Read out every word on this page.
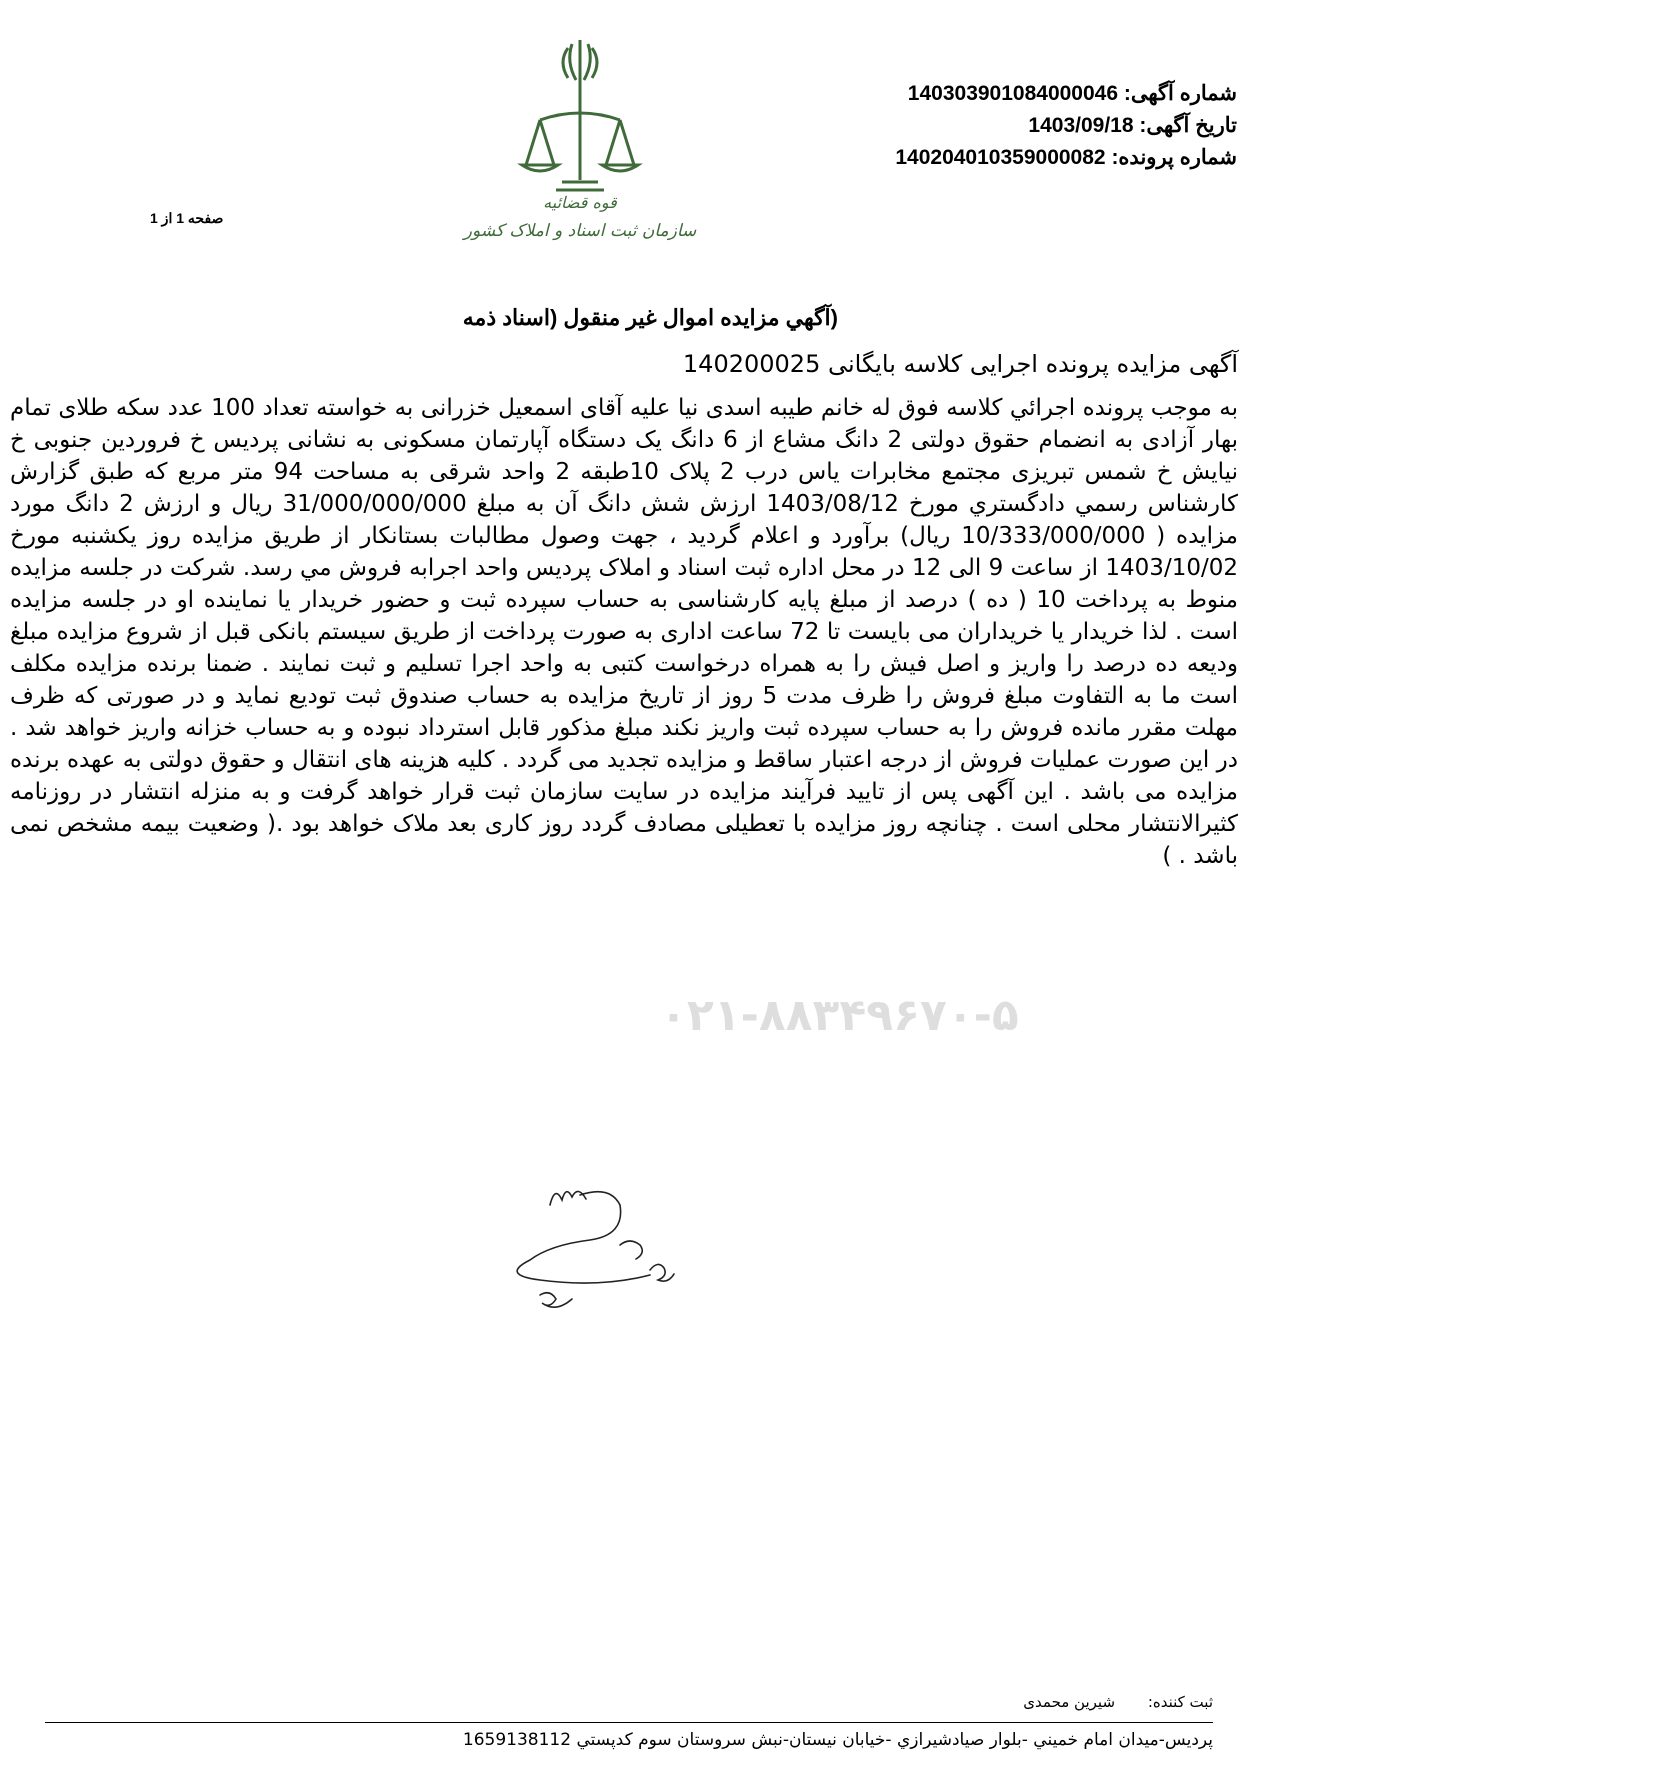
شماره آگهی: 140303901084000046
تاریخ آگهی: 1403/09/18
شماره پرونده: 140204010359000082
قوه قضائیه
سازمان ثبت اسناد و املاک کشور
صفحه 1 از 1
(آگهي مزايده اموال غير منقول (اسناد ذمه
آگهی مزایده پرونده اجرایی کلاسه بایگانی 140200025
به موجب پرونده اجرائي كلاسه فوق له خانم طیبه اسدی نیا علیه آقای اسمعیل خزرانی به خواسته تعداد 100 عدد سکه طلای تمام بهار آزادی به انضمام حقوق دولتی 2 دانگ مشاع از 6 دانگ یک دستگاه آپارتمان مسکونی به نشانی پردیس خ فروردین جنوبی خ نیایش خ شمس تبریزی مجتمع مخابرات یاس درب 2 پلاک 10طبقه 2 واحد شرقی به مساحت 94 متر مربع که طبق گزارش کارشناس رسمي دادگستري مورخ 1403/08/12 ارزش شش دانگ آن به مبلغ 31/000/000/000 ریال و ارزش 2 دانگ مورد مزایده ( 10/333/000/000 ریال) برآورد و اعلام گردید ، جهت وصول مطالبات بستانکار از طریق مزایده روز یکشنبه مورخ 1403/10/02 از ساعت 9 الی 12 در محل اداره ثبت اسناد و املاک پردیس واحد اجرابه فروش مي رسد. شرکت در جلسه مزایده منوط به پرداخت 10 ( ده ) درصد از مبلغ پایه کارشناسی به حساب سپرده ثبت و حضور خریدار یا نماینده او در جلسه مزایده است . لذا خریدار یا خریداران می بایست تا 72 ساعت اداری به صورت پرداخت از طریق سیستم بانکی قبل از شروع مزایده مبلغ ودیعه ده درصد را واریز و اصل فیش را به همراه درخواست کتبی به واحد اجرا تسلیم و ثبت نمایند . ضمنا برنده مزایده مکلف است ما به التفاوت مبلغ فروش را ظرف مدت 5 روز از تاریخ مزایده به حساب صندوق ثبت تودیع نماید و در صورتی که ظرف مهلت مقرر مانده فروش را به حساب سپرده ثبت واریز نکند مبلغ مذکور قابل استرداد نبوده و به حساب خزانه واریز خواهد شد . در این صورت عملیات فروش از درجه اعتبار ساقط و مزایده تجدید می گردد . کلیه هزینه های انتقال و حقوق دولتی به عهده برنده مزایده می باشد . این آگهی پس از تایید فرآیند مزایده در سایت سازمان ثبت قرار خواهد گرفت و به منزله انتشار در روزنامه کثیرالانتشار محلی است . چنانچه روز مزایده با تعطیلی مصادف گردد روز کاری بعد ملاک خواهد بود .( وضعیت بیمه مشخص نمی باشد . )
۰۲۱-۸۸۳۴۹۶۷۰-۵
ثبت کننده: شیرین محمدی
پرديس-ميدان امام خميني -بلوار صيادشيرازي -خيابان نيستان-نبش سروستان سوم كدپستي 1659138112
